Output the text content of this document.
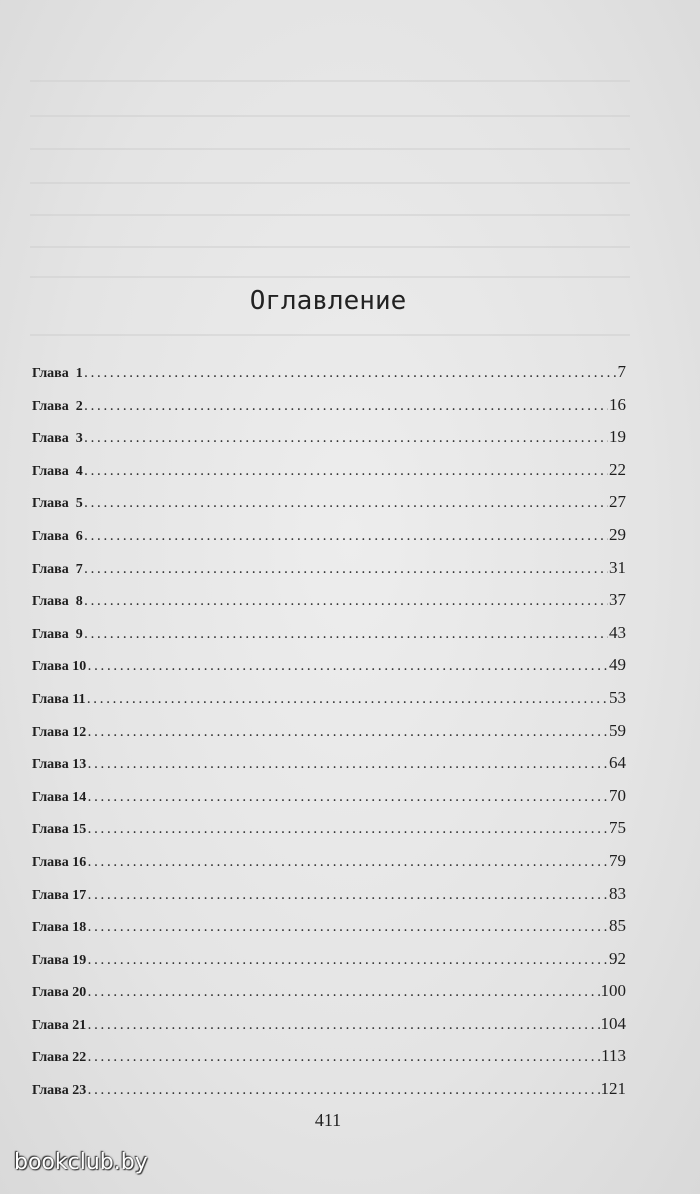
Оглавление
Глава  1 .....	7
Глава  2 .....	16
Глава  3 .....	19
Глава  4 .....	22
Глава  5 .....	27
Глава  6 .....	29
Глава  7 .....	31
Глава  8 .....	37
Глава  9 .....	43
Глава 10 .....	49
Глава 11 .....	53
Глава 12 .....	59
Глава 13 .....	64
Глава 14 .....	70
Глава 15 .....	75
Глава 16 .....	79
Глава 17 .....	83
Глава 18 .....	85
Глава 19 .....	92
Глава 20 .....	100
Глава 21 .....	104
Глава 22 .....	113
Глава 23 .....	121
411
bookclub.by
